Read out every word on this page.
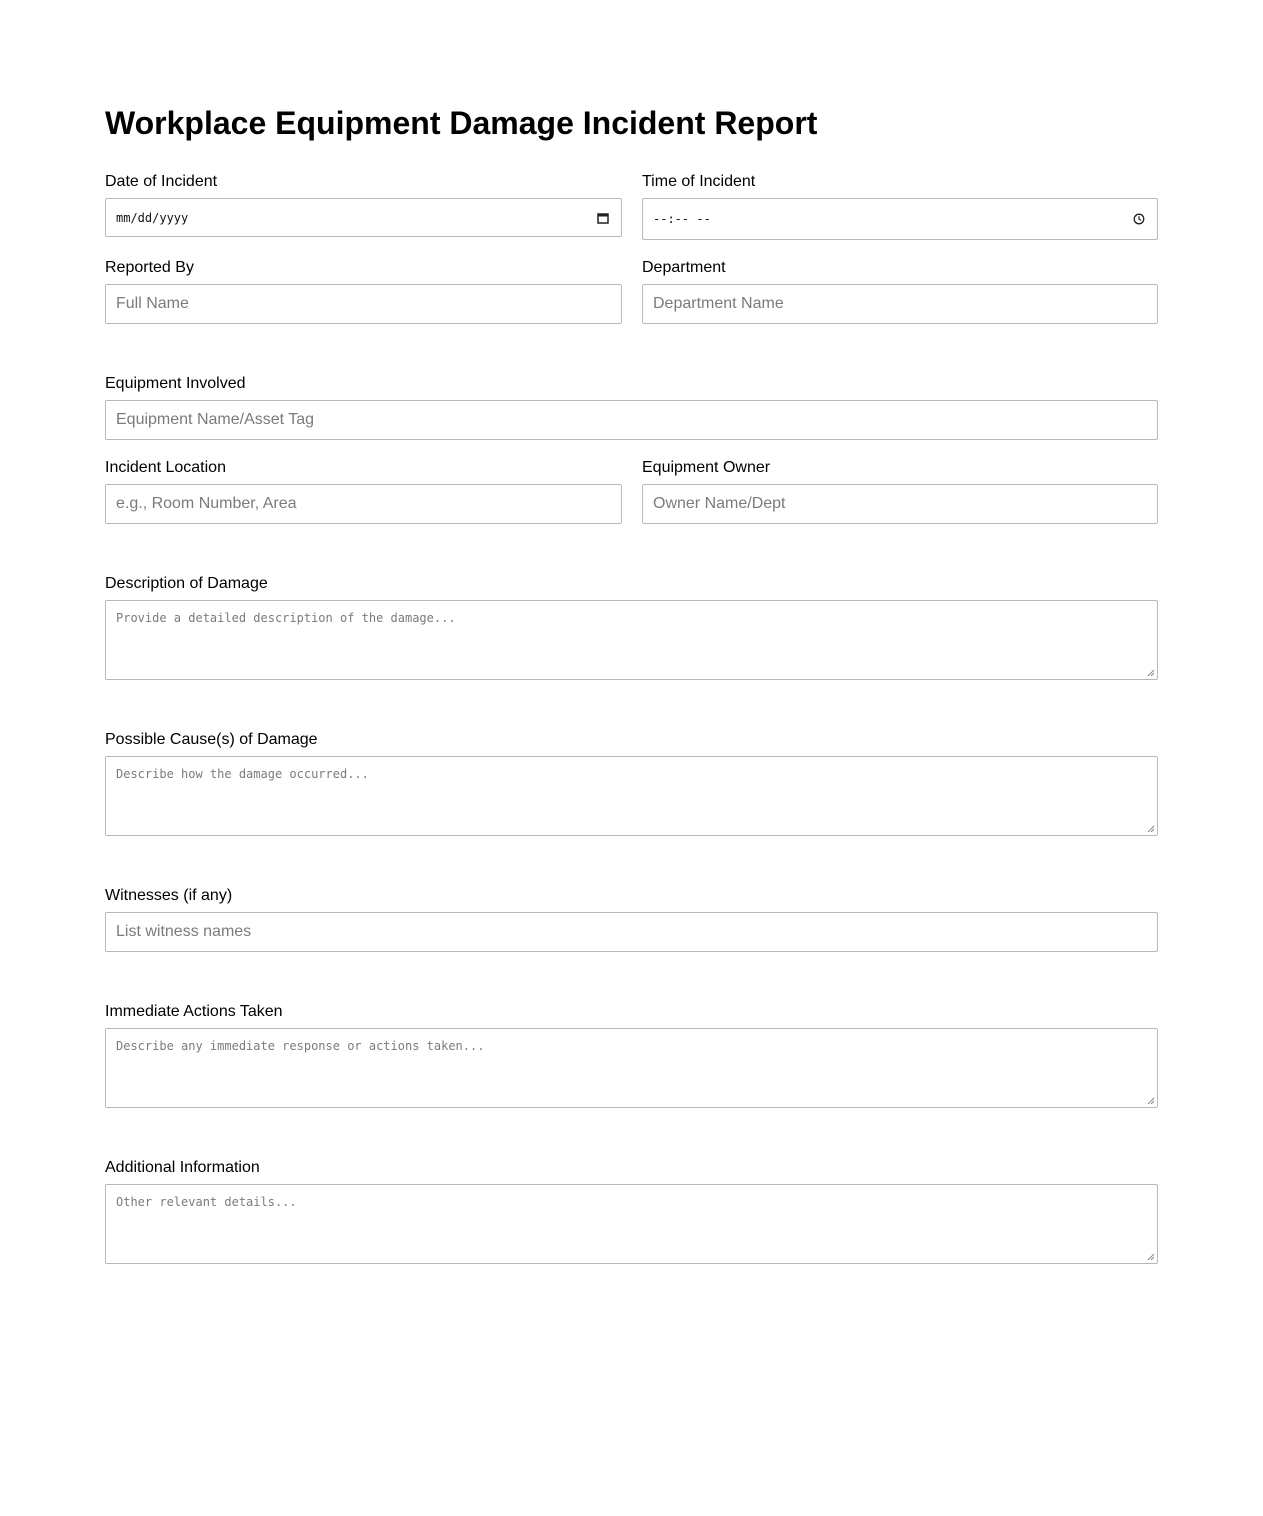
Workplace Equipment Damage Incident Report
Date of Incident
mm/dd/yyyy
Time of Incident
--:-- --
Reported By
Full Name
Department
Department Name
Equipment Involved
Equipment Name/Asset Tag
Incident Location
e.g., Room Number, Area
Equipment Owner
Owner Name/Dept
Description of Damage
Provide a detailed description of the damage...
Possible Cause(s) of Damage
Describe how the damage occurred...
Witnesses (if any)
List witness names
Immediate Actions Taken
Describe any immediate response or actions taken...
Additional Information
Other relevant details...
